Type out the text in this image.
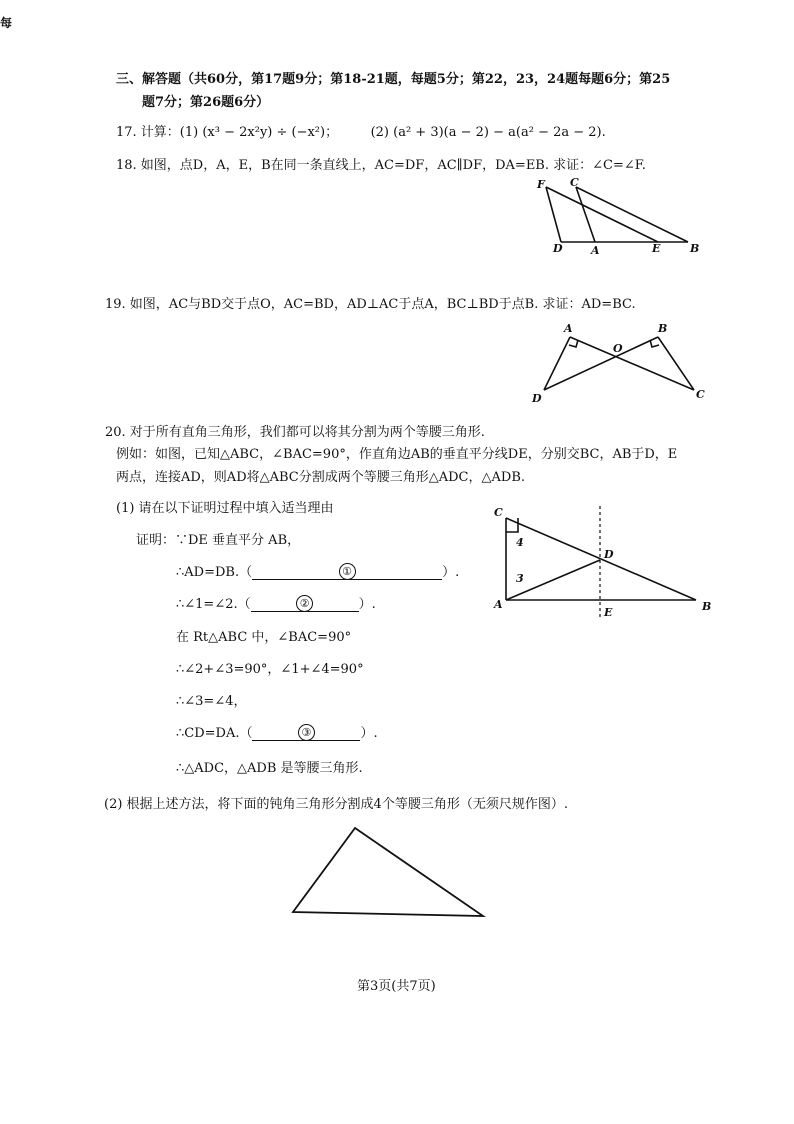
每
三、解答题（共60分，第17题9分；第18-21题，每题5分；第22，23，24题每题6分；第25
题7分；第26题6分）
17. 计算：(1) (x³ − 2x²y) ÷ (−x²)；　　　(2) (a² + 3)(a − 2) − a(a² − 2a − 2).
18. 如图，点D，A，E，B在同一条直线上，AC=DF，AC∥DF，DA=EB. 求证：∠C=∠F.
F C
D	A	E	B
19. 如图，AC与BD交于点O，AC=BD，AD⊥AC于点A，BC⊥BD于点B. 求证：AD=BC.
A	B
O
D	C
20. 对于所有直角三角形，我们都可以将其分割为两个等腰三角形.
例如：如图，已知△ABC，∠BAC=90°，作直角边AB的垂直平分线DE，分别交BC，AB于D，E
两点，连接AD，则AD将△ABC分割成两个等腰三角形△ADC，△ADB.
(1) 请在以下证明过程中填入适当理由
证明：∵DE 垂直平分 AB，
∴AD=DB.（	①	）.
∴∠1=∠2.（	②	）.
在 Rt△ABC 中，∠BAC=90°
∴∠2+∠3=90°，∠1+∠4=90°
∴∠3=∠4，
∴CD=DA.（	③	）.
∴△ADC，△ADB 是等腰三角形.
C
D
A	B
E
4
3
(2) 根据上述方法，将下面的钝角三角形分割成4个等腰三角形（无须尺规作图）.
第3页(共7页)
